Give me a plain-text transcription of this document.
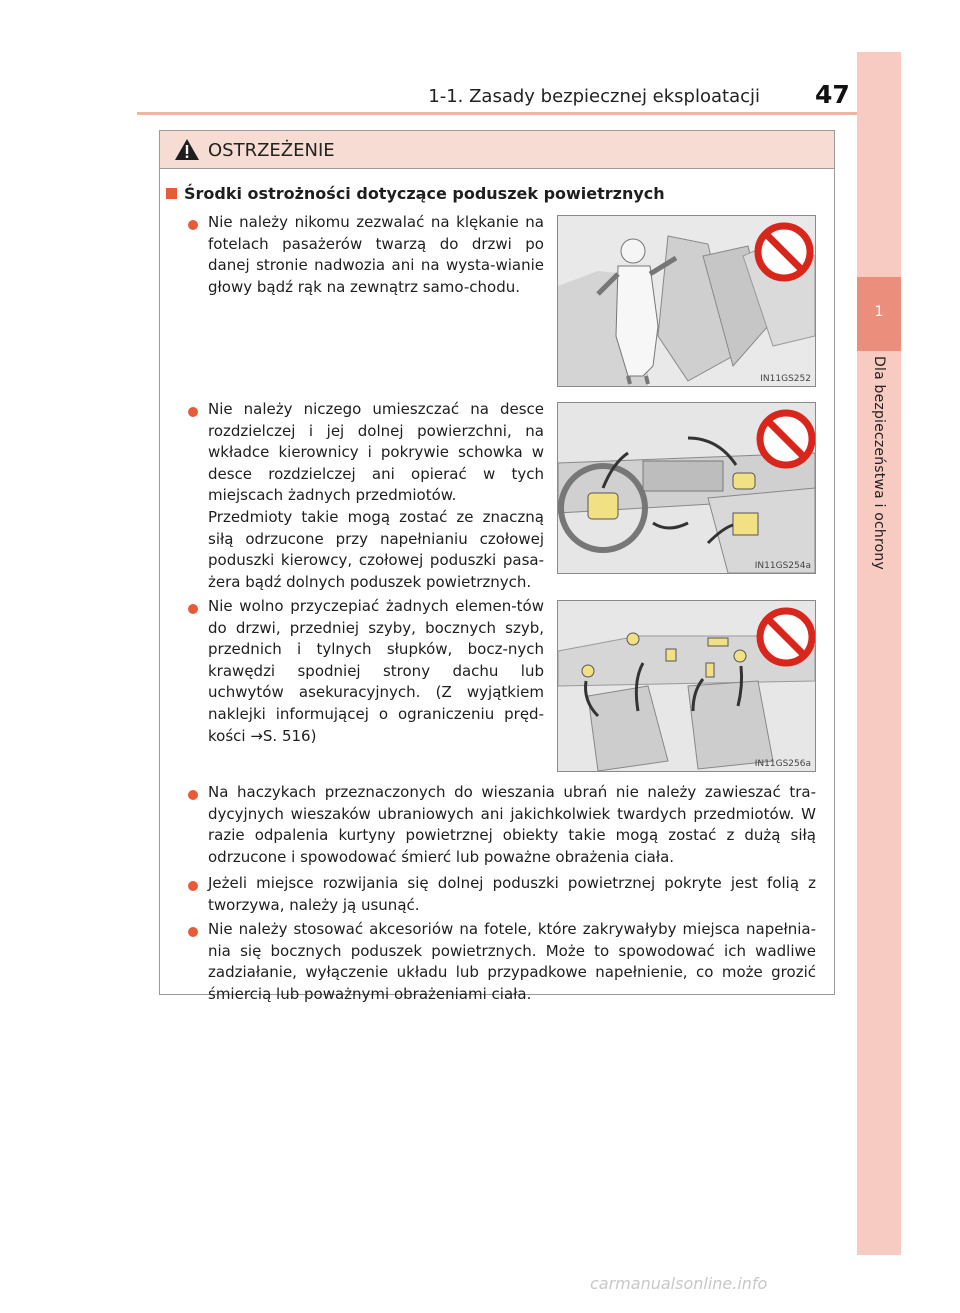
1-1. Zasady bezpiecznej eksploatacji 47
1
Dla bezpieczeństwa i ochrony
OSTRZEŻENIE
Środki ostrożności dotyczące poduszek powietrznych

Nie należy nikomu zezwalać na klękanie na fotelach pasażerów twarzą do drzwi po danej stronie nadwozia ani na wysta-wianie głowy bądź rąk na zewnątrz samo-chodu.

IN11GS252

Nie należy niczego umieszczać na desce rozdzielczej i jej dolnej powierzchni, na wkładce kierownicy i pokrywie schowka w desce rozdzielczej ani opierać w tych miejscach żadnych przedmiotów.

Przedmioty takie mogą zostać ze znaczną siłą odrzucone przy napełnianiu czołowej poduszki kierowcy, czołowej poduszki pasa-żera bądź dolnych poduszek powietrznych.

IN11GS254a

Nie wolno przyczepiać żadnych elemen-tów do drzwi, przedniej szyby, bocznych szyb, przednich i tylnych słupków, bocz-nych krawędzi spodniej strony dachu lub uchwytów asekuracyjnych. (Z wyjątkiem naklejki informującej o ograniczeniu pręd-kości →S. 516)

IN11GS256a

Na haczykach przeznaczonych do wieszania ubrań nie należy zawieszać tra-dycyjnych wieszaków ubraniowych ani jakichkolwiek twardych przedmiotów. W razie odpalenia kurtyny powietrznej obiekty takie mogą zostać z dużą siłą odrzucone i spowodować śmierć lub poważne obrażenia ciała.

Jeżeli miejsce rozwijania się dolnej poduszki powietrznej pokryte jest folią z tworzywa, należy ją usunąć.

Nie należy stosować akcesoriów na fotele, które zakrywałyby miejsca napełnia-nia się bocznych poduszek powietrznych. Może to spowodować ich wadliwe zadziałanie, wyłączenie układu lub przypadkowe napełnienie, co może grozić śmiercią lub poważnymi obrażeniami ciała.

carmanualsonline.info
